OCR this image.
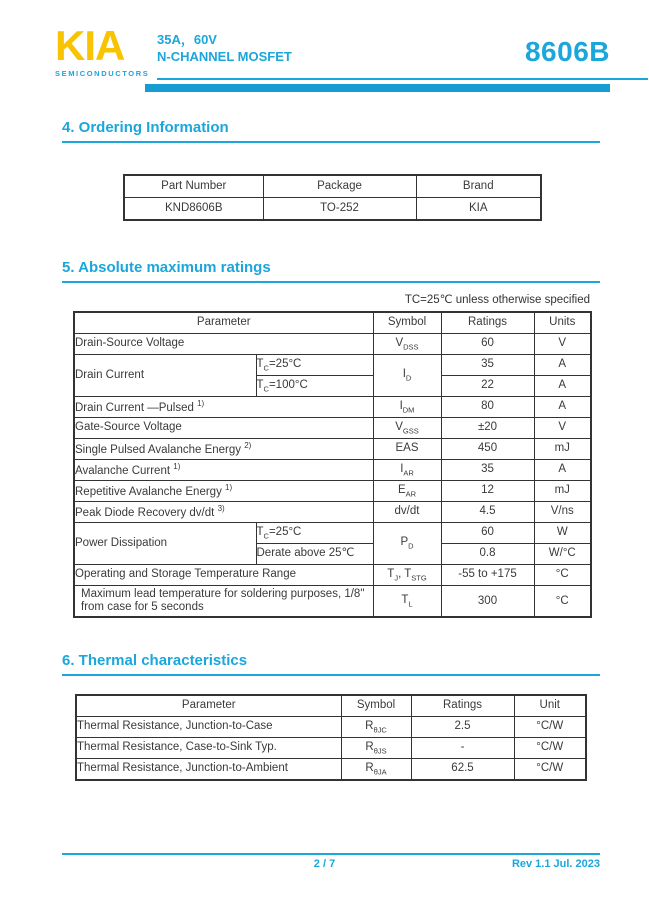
KIA
SEMICONDUCTORS
35A，60V
N-CHANNEL MOSFET	8606B
4. Ordering Information
Part Number	Package	Brand
KND8606B	TO-252	KIA
5. Absolute maximum ratings
TC=25℃ unless otherwise specified
Parameter		Symbol	Ratings	Units
Drain-Source Voltage		$V_{DSS}$	60	V
Drain Current	$T_C=25^\circ C$	$I_D$	35	A
	$T_C=100^\circ C$		22	A
Drain Current —Pulsed $^{1)}$		$I_{DM}$	80	A
Gate-Source Voltage		$V_{GSS}$	±20	V
Single Pulsed Avalanche Energy $^{2)}$		EAS	450	mJ
Avalanche Current $^{1)}$		$I_{AR}$	35	A
Repetitive Avalanche Energy $^{1)}$		$E_{AR}$	12	mJ
Peak Diode Recovery dv/dt $^{3)}$		dv/dt	4.5	V/ns
Power Dissipation	$T_C=25^\circ C$	$P_D$	60	W
	Derate above 25℃		0.8	W/°C
Operating and Storage Temperature Range		$T_J$, $T_{STG}$	-55 to +175	°C
Maximum lead temperature for soldering purposes, 1/8" from case for 5 seconds		$T_L$	300	°C
6. Thermal characteristics
Parameter	Symbol	Ratings	Unit
Thermal Resistance, Junction-to-Case	$R_{\theta JC}$	2.5	°C/W
Thermal Resistance, Case-to-Sink Typ.	$R_{\theta JS}$	-	°C/W
Thermal Resistance, Junction-to-Ambient	$R_{\theta JA}$	62.5	°C/W
2 / 7	Rev 1.1 Jul. 2023
